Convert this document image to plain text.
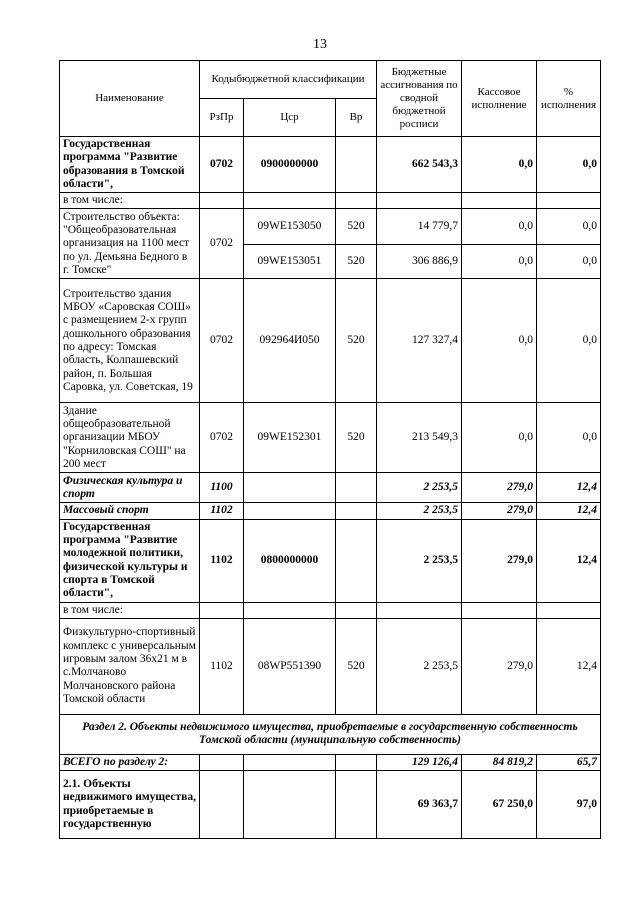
13
Наименование	Кодыбюджетной классификации			Бюджетные ассигнования по сводной бюджетной росписи	Кассовое исполнение	% исполнения
	РзПр	Цср	Вр			
Государственная программа "Развитие образования в Томской области",	0702	0900000000		662 543,3	0,0	0,0
в том числе:						
Строительство объекта: "Общеобразовательная организация на 1100 мест по ул. Демьяна Бедного в г. Томске"	0702	09WE153050	520	14 779,7	0,0	0,0
		09WE153051	520	306 886,9	0,0	0,0
Строительство здания МБОУ «Саровская СОШ» с размещением 2-х групп дошкольного образования по адресу: Томская область, Колпашевский район, п. Большая Саровка, ул. Советская, 19	0702	092964И050	520	127 327,4	0,0	0,0
Здание общеобразовательной организации МБОУ "Корниловская СОШ" на 200 мест	0702	09WE152301	520	213 549,3	0,0	0,0
Физическая культура и спорт	1100			2 253,5	279,0	12,4
Массовый спорт	1102			2 253,5	279,0	12,4
Государственная программа "Развитие молодежной политики, физической культуры и спорта в Томской области",	1102	0800000000		2 253,5	279,0	12,4
в том числе:						
Физкультурно-спортивный комплекс с универсальным игровым залом 36х21 м в с.Молчаново Молчановского района Томской области	1102	08WP551390	520	2 253,5	279,0	12,4
Раздел 2. Объекты недвижимого имущества, приобретаемые в государственную собственность Томской области (муниципальную собственность)						
ВСЕГО по разделу 2:				129 126,4	84 819,2	65,7
2.1. Объекты недвижимого имущества, приобретаемые в государственную				69 363,7	67 250,0	97,0
